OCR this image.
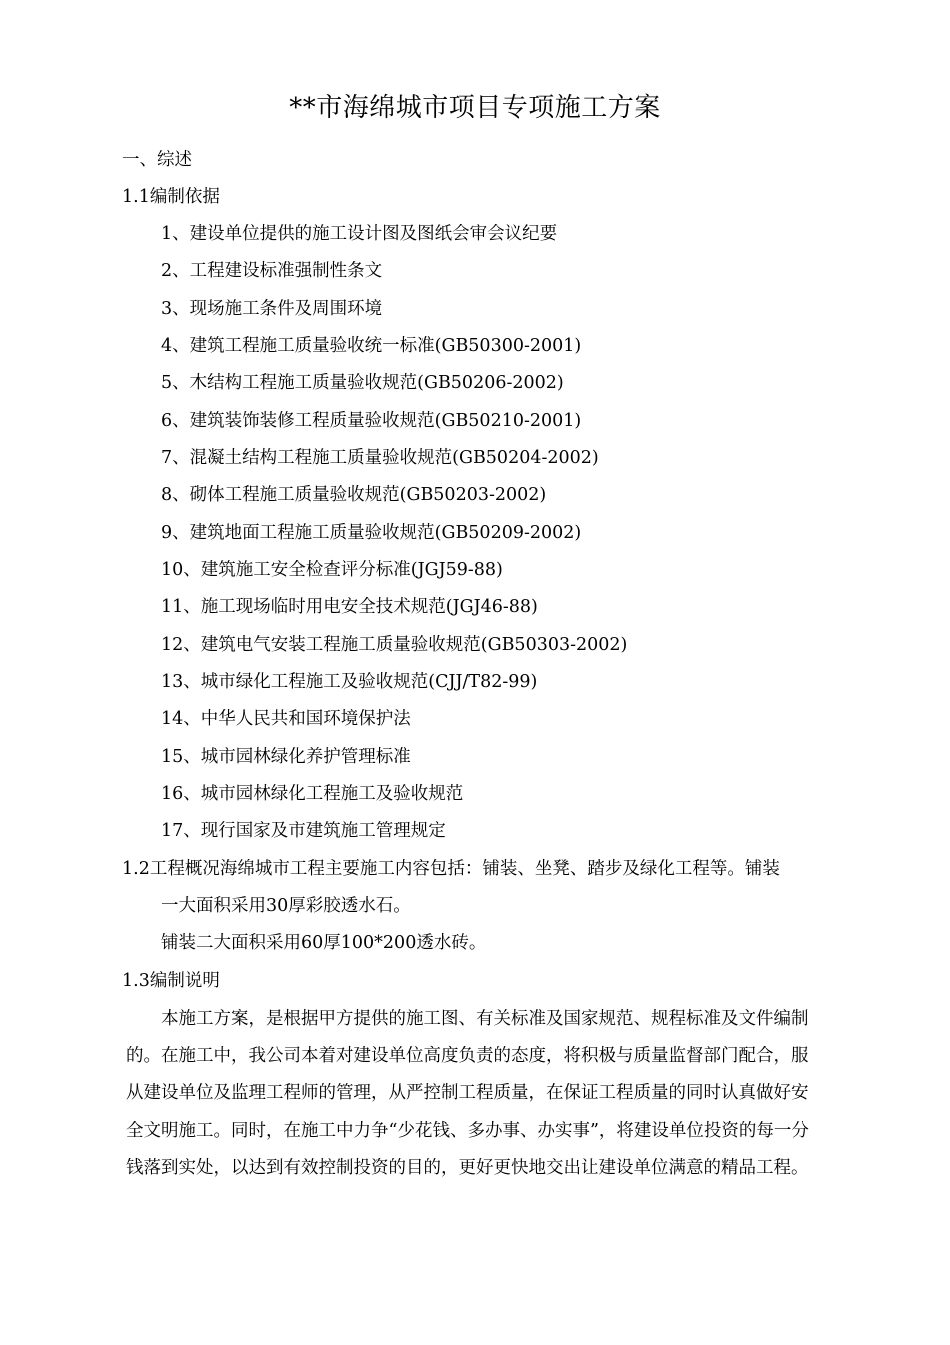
**市海绵城市项目专项施工方案
一、综述
1.1编制依据
1、建设单位提供的施工设计图及图纸会审会议纪要
2、工程建设标准强制性条文
3、现场施工条件及周围环境
4、建筑工程施工质量验收统一标准(GB50300-2001)
5、木结构工程施工质量验收规范(GB50206-2002)
6、建筑装饰装修工程质量验收规范(GB50210-2001)
7、混凝土结构工程施工质量验收规范(GB50204-2002)
8、砌体工程施工质量验收规范(GB50203-2002)
9、建筑地面工程施工质量验收规范(GB50209-2002)
10、建筑施工安全检查评分标准(JGJ59-88)
11、施工现场临时用电安全技术规范(JGJ46-88)
12、建筑电气安装工程施工质量验收规范(GB50303-2002)
13、城市绿化工程施工及验收规范(CJJ/T82-99)
14、中华人民共和国环境保护法
15、城市园林绿化养护管理标准
16、城市园林绿化工程施工及验收规范
17、现行国家及市建筑施工管理规定
1.2工程概况海绵城市工程主要施工内容包括：铺装、坐凳、踏步及绿化工程等。铺装
一大面积采用30厚彩胶透水石。
铺装二大面积采用60厚100*200透水砖。
1.3编制说明
本施工方案，是根据甲方提供的施工图、有关标准及国家规范、规程标准及文件编制的。在施工中，我公司本着对建设单位高度负责的态度，将积极与质量监督部门配合，服从建设单位及监理工程师的管理，从严控制工程质量，在保证工程质量的同时认真做好安全文明施工。同时，在施工中力争“少花钱、多办事、办实事”，将建设单位投资的每一分钱落到实处，以达到有效控制投资的目的，更好更快地交出让建设单位满意的精品工程。
